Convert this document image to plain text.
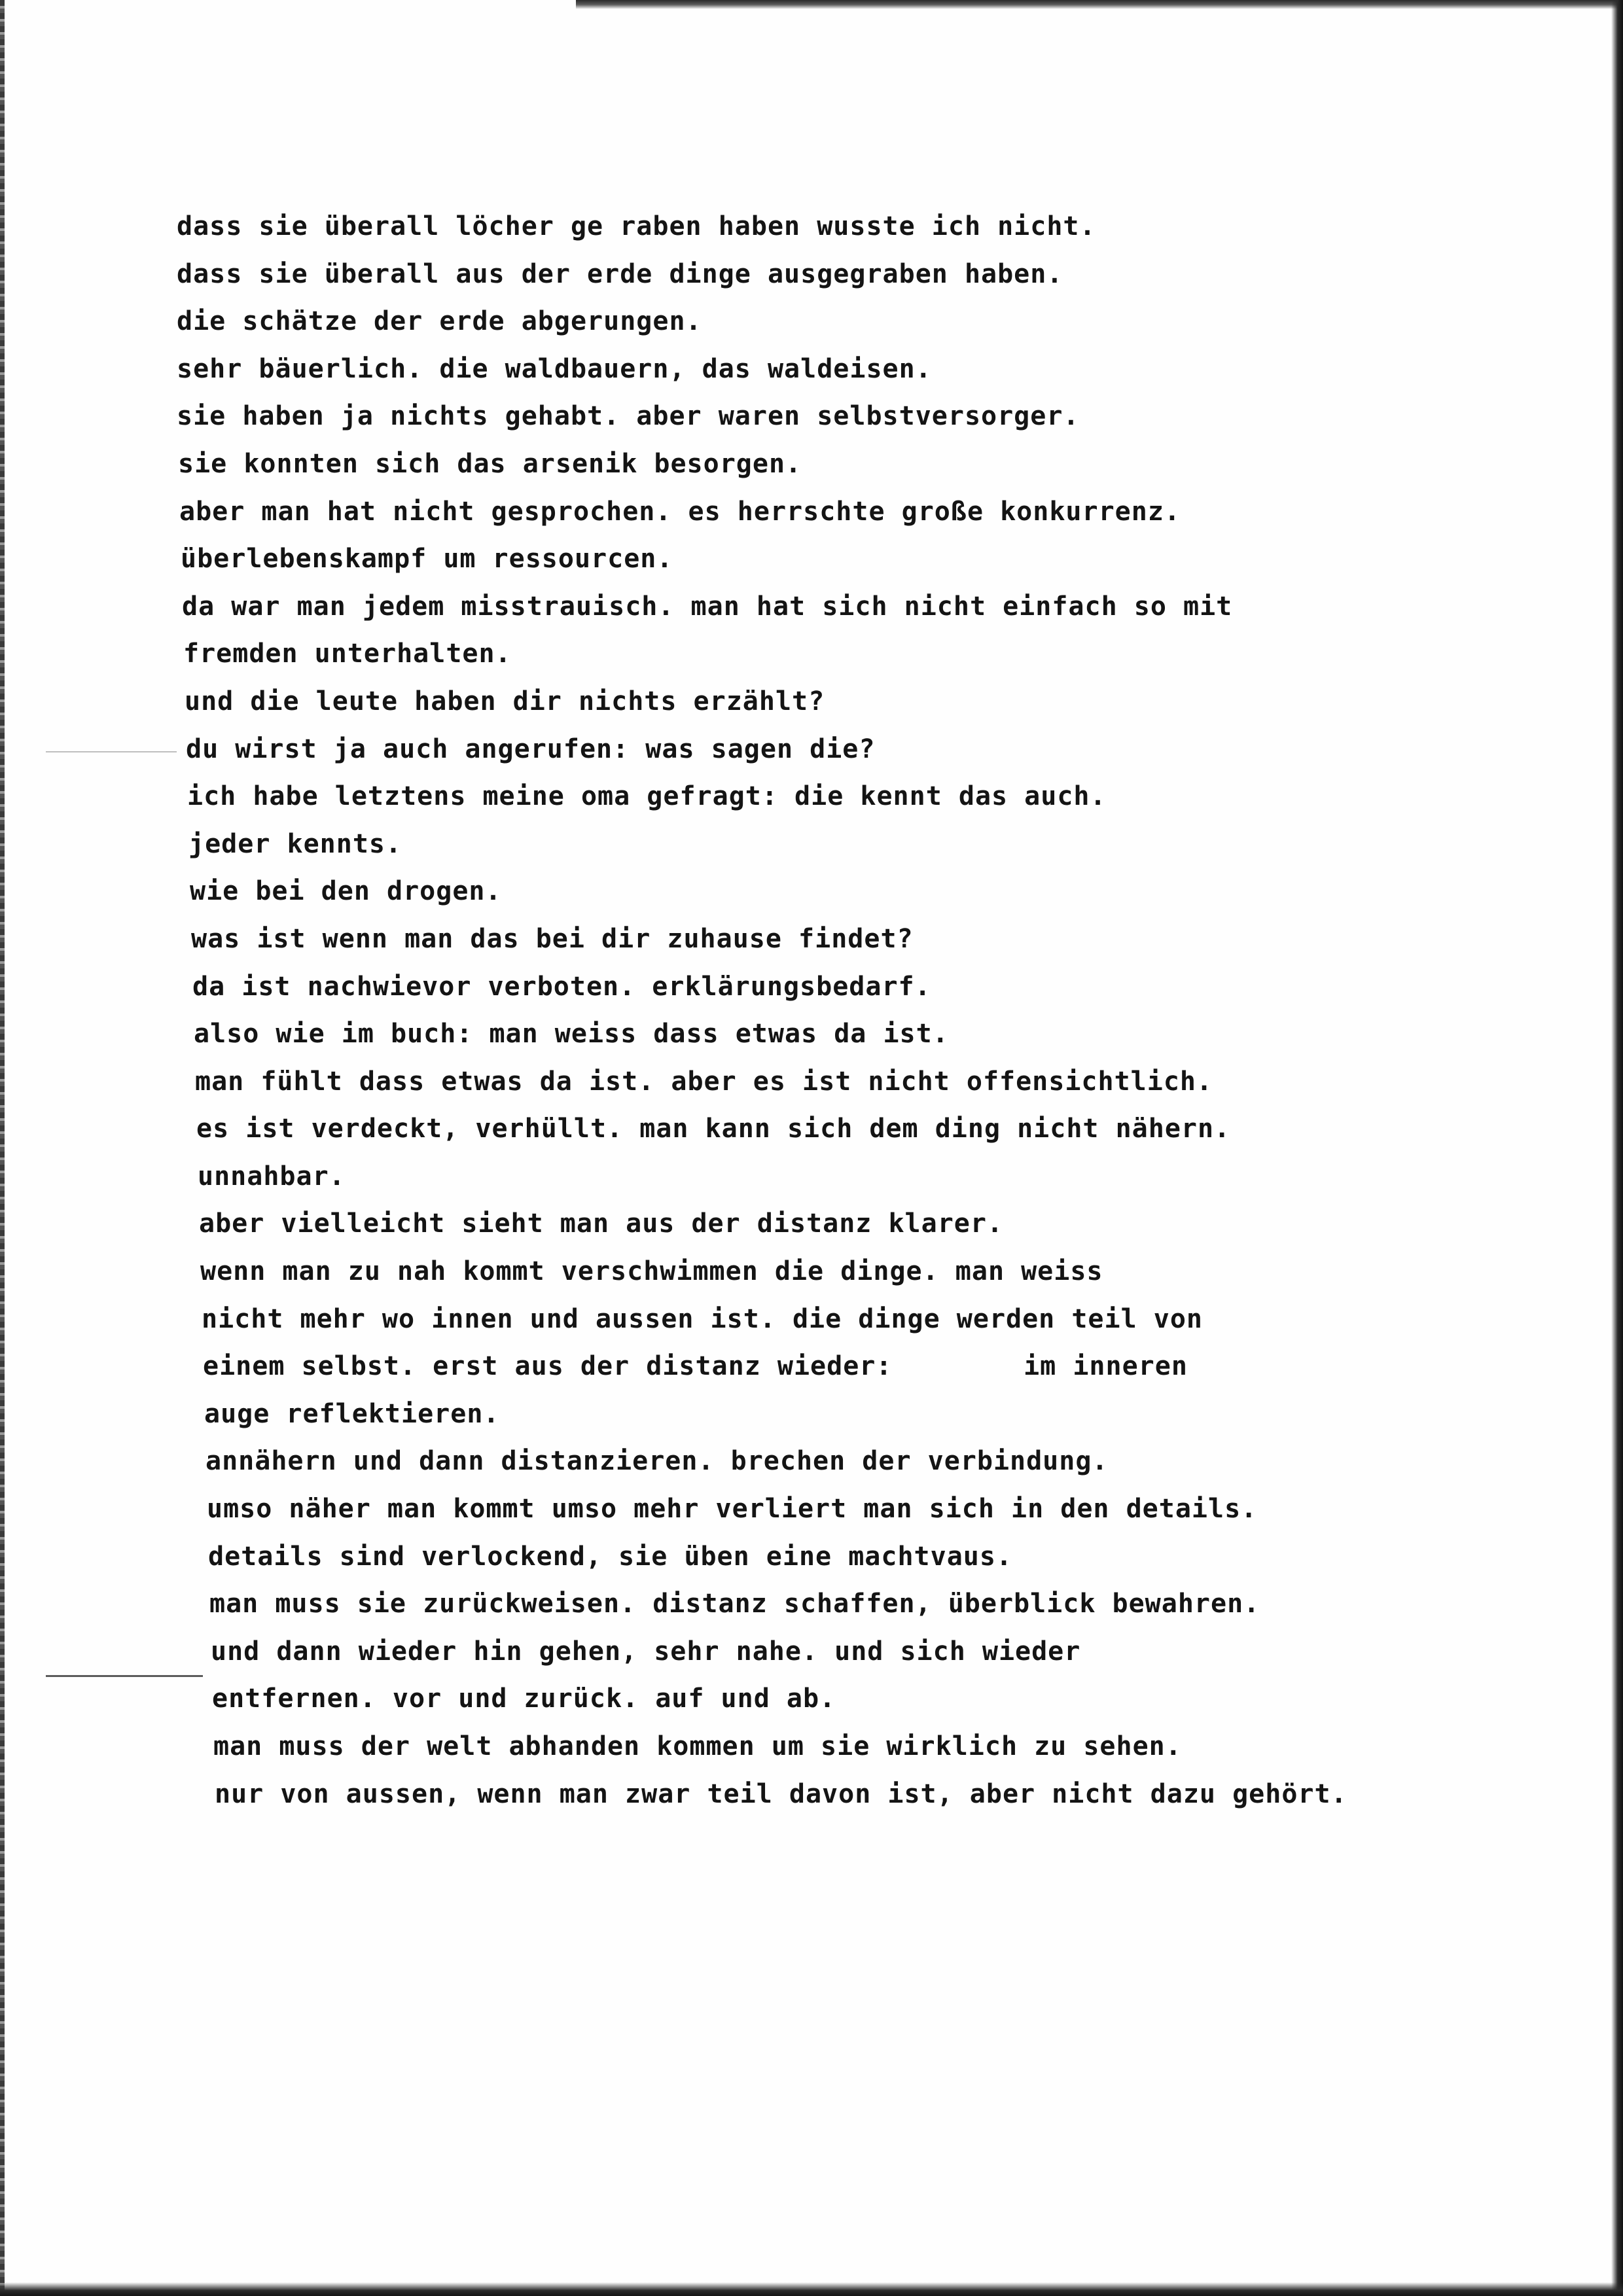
dass sie überall löcher ge raben haben wusste ich nicht.
dass sie überall aus der erde dinge ausgegraben haben.
die schätze der erde abgerungen.
sehr bäuerlich. die waldbauern, das waldeisen.
sie haben ja nichts gehabt. aber waren selbstversorger.
sie konnten sich das arsenik besorgen.
aber man hat nicht gesprochen. es herrschte große konkurrenz.
überlebenskampf um ressourcen.
da war man jedem misstrauisch. man hat sich nicht einfach so mit
fremden unterhalten.
und die leute haben dir nichts erzählt?
du wirst ja auch angerufen: was sagen die?
ich habe letztens meine oma gefragt: die kennt das auch.
jeder kennts.
wie bei den drogen.
was ist wenn man das bei dir zuhause findet?
da ist nachwievor verboten. erklärungsbedarf.
also wie im buch: man weiss dass etwas da ist.
man fühlt dass etwas da ist. aber es ist nicht offensichtlich.
es ist verdeckt, verhüllt. man kann sich dem ding nicht nähern.
unnahbar.
aber vielleicht sieht man aus der distanz klarer.
wenn man zu nah kommt verschwimmen die dinge. man weiss
nicht mehr wo innen und aussen ist. die dinge werden teil von
einem selbst. erst aus der distanz wieder:        im inneren
auge reflektieren.
annähern und dann distanzieren. brechen der verbindung.
umso näher man kommt umso mehr verliert man sich in den details.
details sind verlockend, sie üben eine machtvaus.
man muss sie zurückweisen. distanz schaffen, überblick bewahren.
und dann wieder hin gehen, sehr nahe. und sich wieder
entfernen. vor und zurück. auf und ab.
man muss der welt abhanden kommen um sie wirklich zu sehen.
nur von aussen, wenn man zwar teil davon ist, aber nicht dazu gehört.
